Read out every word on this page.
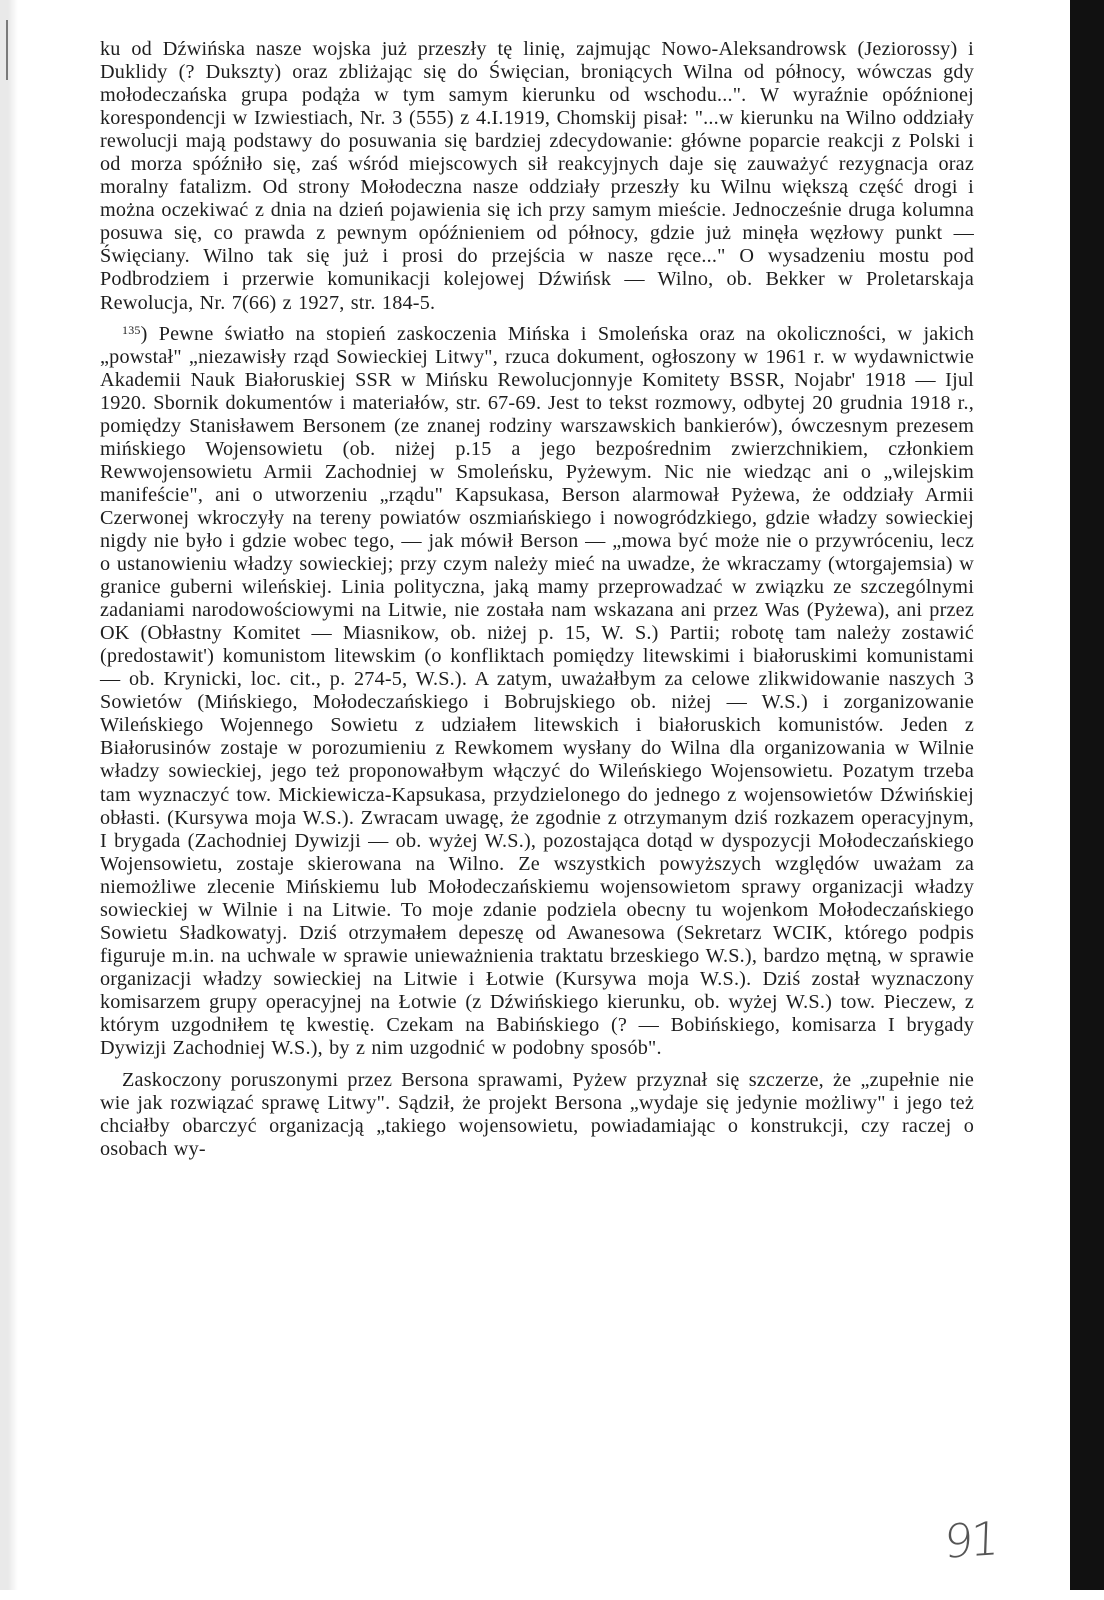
ku od Dźwińska nasze wojska już przeszły tę linię, zajmując Nowo-Aleksandrowsk (Jeziorossy) i Duklidy (? Dukszty) oraz zbliżając się do Święcian, broniących Wilna od północy, wówczas gdy mołodeczańska grupa podąża w tym samym kierunku od wschodu...". W wyraźnie opóźnionej korespondencji w Izwiestiach, Nr. 3 (555) z 4.I.1919, Chomskij pisał: "...w kierunku na Wilno oddziały rewolucji mają podstawy do posuwania się bardziej zdecydowanie: główne poparcie reakcji z Polski i od morza spóźniło się, zaś wśród miejscowych sił reakcyjnych daje się zauważyć rezygnacja oraz moralny fatalizm. Od strony Mołodeczna nasze oddziały przeszły ku Wilnu większą część drogi i można oczekiwać z dnia na dzień pojawienia się ich przy samym mieście. Jednocześnie druga kolumna posuwa się, co prawda z pewnym opóźnieniem od północy, gdzie już minęła węzłowy punkt — Święciany. Wilno tak się już i prosi do przejścia w nasze ręce..." O wysadzeniu mostu pod Podbrodziem i przerwie komunikacji kolejowej Dźwińsk — Wilno, ob. Bekker w Proletarskaja Rewolucja, Nr. 7(66) z 1927, str. 184-5.

$^{135}$) Pewne światło na stopień zaskoczenia Mińska i Smoleńska oraz na okoliczności, w jakich „powstał" „niezawisły rząd Sowieckiej Litwy", rzuca dokument, ogłoszony w 1961 r. w wydawnictwie Akademii Nauk Białoruskiej SSR w Mińsku Rewolucjonnyje Komitety BSSR, Nojabr' 1918 — Ijul 1920. Sbornik dokumentów i materiałów, str. 67-69. Jest to tekst rozmowy, odbytej 20 grudnia 1918 r., pomiędzy Stanisławem Bersonem (ze znanej rodziny warszawskich bankierów), ówczesnym prezesem mińskiego Wojensowietu (ob. niżej p.15 a jego bezpośrednim zwierzchnikiem, członkiem Rewwojensowietu Armii Zachodniej w Smoleńsku, Pyżewym. Nic nie wiedząc ani o „wilejskim manifeście", ani o utworzeniu „rządu" Kapsukasa, Berson alarmował Pyżewa, że oddziały Armii Czerwonej wkroczyły na tereny powiatów oszmiańskiego i nowogródzkiego, gdzie władzy sowieckiej nigdy nie było i gdzie wobec tego, — jak mówił Berson — „mowa być może nie o przywróceniu, lecz o ustanowieniu władzy sowieckiej; przy czym należy mieć na uwadze, że wkraczamy (wtorgajemsia) w granice guberni wileńskiej. Linia polityczna, jaką mamy przeprowadzać w związku ze szczególnymi zadaniami narodowościowymi na Litwie, nie została nam wskazana ani przez Was (Pyżewa), ani przez OK (Obłastny Komitet — Miasnikow, ob. niżej p. 15, W. S.) Partii; robotę tam należy zostawić (predostawit') komunistom litewskim (o konfliktach pomiędzy litewskimi i białoruskimi komunistami — ob. Krynicki, loc. cit., p. 274-5, W.S.). A zatym, uważałbym za celowe zlikwidowanie naszych 3 Sowietów (Mińskiego, Mołodeczańskiego i Bobrujskiego ob. niżej — W.S.) i zorganizowanie Wileńskiego Wojennego Sowietu z udziałem litewskich i białoruskich komunistów. Jeden z Białorusinów zostaje w porozumieniu z Rewkomem wysłany do Wilna dla organizowania w Wilnie władzy sowieckiej, jego też proponowałbym włączyć do Wileńskiego Wojensowietu. Pozatym trzeba tam wyznaczyć tow. Mickiewicza-Kapsukasa, przydzielonego do jednego z wojensowietów Dźwińskiej obłasti. (Kursywa moja W.S.). Zwracam uwagę, że zgodnie z otrzymanym dziś rozkazem operacyjnym, I brygada (Zachodniej Dywizji — ob. wyżej W.S.), pozostająca dotąd w dyspozycji Mołodeczańskiego Wojensowietu, zostaje skierowana na Wilno. Ze wszystkich powyższych względów uważam za niemożliwe zlecenie Mińskiemu lub Mołodeczańskiemu wojensowietom sprawy organizacji władzy sowieckiej w Wilnie i na Litwie. To moje zdanie podziela obecny tu wojenkom Mołodeczańskiego Sowietu Sładkowatyj. Dziś otrzymałem depeszę od Awanesowa (Sekretarz WCIK, którego podpis figuruje m.in. na uchwale w sprawie unieważnienia traktatu brzeskiego W.S.), bardzo mętną, w sprawie organizacji władzy sowieckiej na Litwie i Łotwie (Kursywa moja W.S.). Dziś został wyznaczony komisarzem grupy operacyjnej na Łotwie (z Dźwińskiego kierunku, ob. wyżej W.S.) tow. Pieczew, z którym uzgodniłem tę kwestię. Czekam na Babińskiego (? — Bobińskiego, komisarza I brygady Dywizji Zachodniej W.S.), by z nim uzgodnić w podobny sposób".

Zaskoczony poruszonymi przez Bersona sprawami, Pyżew przyznał się szczerze, że „zupełnie nie wie jak rozwiązać sprawę Litwy". Sądził, że projekt Bersona „wydaje się jedynie możliwy" i jego też chciałby obarczyć organizacją „takiego wojensowietu, powiadamiając o konstrukcji, czy raczej o osobach wy-

91
